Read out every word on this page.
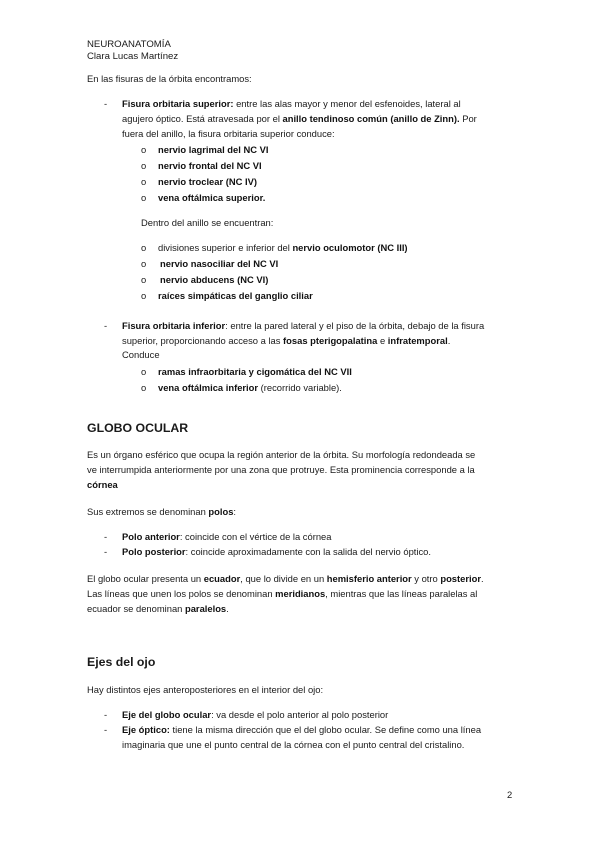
NEUROANATOMÍA
Clara Lucas Martínez
En las fisuras de la órbita encontramos:
- Fisura orbitaria superior: entre las alas mayor y menor del esfenoides, lateral al
agujero óptico. Está atravesada por el anillo tendinoso común (anillo de Zinn). Por
fuera del anillo, la fisura orbitaria superior conduce:
o nervio lagrimal del NC VI
o nervio frontal del NC VI
o nervio troclear (NC IV)
o vena oftálmica superior.
Dentro del anillo se encuentran:
o divisiones superior e inferior del nervio oculomotor (NC III)
o nervio nasociliar del NC VI
o nervio abducens (NC VI)
o raíces simpáticas del ganglio ciliar
- Fisura orbitaria inferior: entre la pared lateral y el piso de la órbita, debajo de la fisura
superior, proporcionando acceso a las fosas pterigopalatina e infratemporal.
Conduce
o ramas infraorbitaria y cigomática del NC VII
o vena oftálmica inferior (recorrido variable).
GLOBO OCULAR
Es un órgano esférico que ocupa la región anterior de la órbita. Su morfología redondeada se
ve interrumpida anteriormente por una zona que protruye. Esta prominencia corresponde a la
córnea
Sus extremos se denominan polos:
- Polo anterior: coincide con el vértice de la córnea
- Polo posterior: coincide aproximadamente con la salida del nervio óptico.
El globo ocular presenta un ecuador, que lo divide en un hemisferio anterior y otro posterior.
Las líneas que unen los polos se denominan meridianos, mientras que las líneas paralelas al
ecuador se denominan paralelos.
Ejes del ojo
Hay distintos ejes anteroposteriores en el interior del ojo:
- Eje del globo ocular: va desde el polo anterior al polo posterior
- Eje óptico: tiene la misma dirección que el del globo ocular. Se define como una línea
imaginaria que une el punto central de la córnea con el punto central del cristalino.
2
